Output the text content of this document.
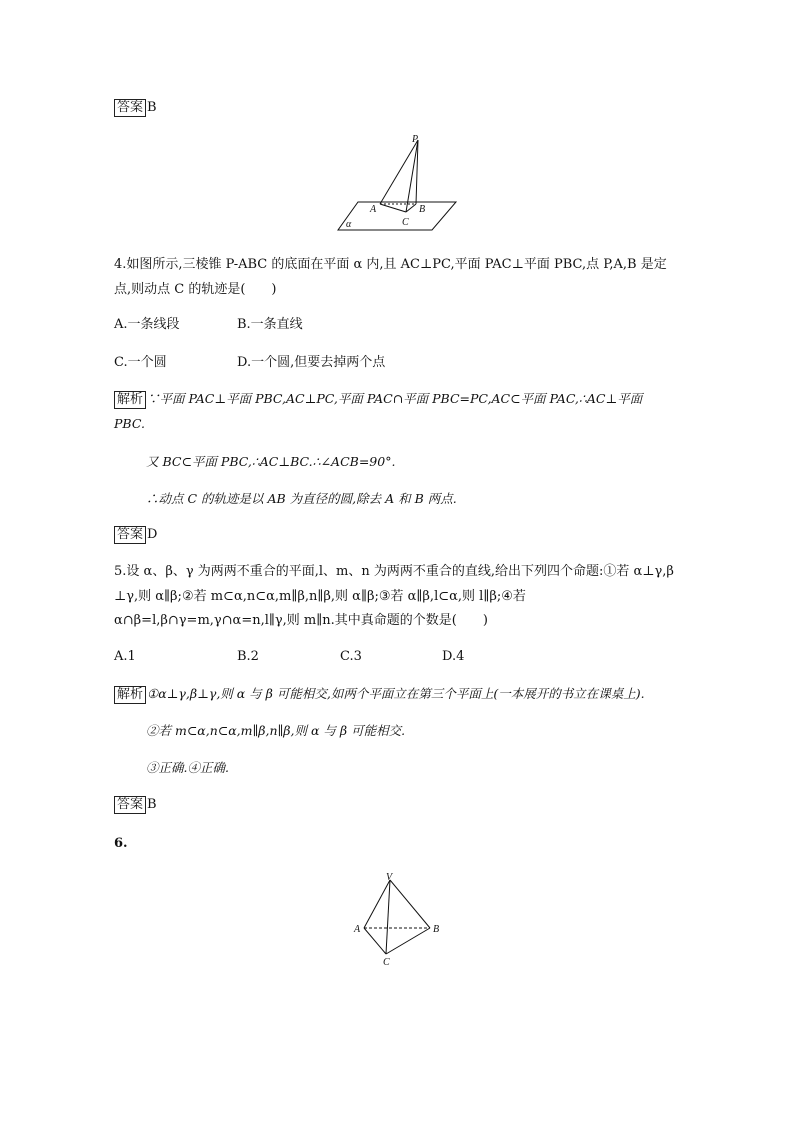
答案 B
P
A	B
C
α
4.如图所示,三棱锥 P-ABC 的底面在平面 α 内,且 AC⊥PC,平面 PAC⊥平面 PBC,点 P,A,B 是定
点,则动点 C 的轨迹是(　　)
A.一条线段	B.一条直线
C.一个圆	D.一个圆,但要去掉两个点
解析 ∵平面 PAC⊥平面 PBC,AC⊥PC,平面 PAC∩平面 PBC=PC,AC⊂平面 PAC,∴AC⊥平面
PBC.
又 BC⊂平面 PBC,∴AC⊥BC.∴∠ACB=90°.
∴动点 C 的轨迹是以 AB 为直径的圆,除去 A 和 B 两点.
答案 D
5.设 α、β、γ 为两两不重合的平面,l、m、n 为两两不重合的直线,给出下列四个命题:①若 α⊥γ,β
⊥γ,则 α∥β;②若 m⊂α,n⊂α,m∥β,n∥β,则 α∥β;③若 α∥β,l⊂α,则 l∥β;④若
α∩β=l,β∩γ=m,γ∩α=n,l∥γ,则 m∥n.其中真命题的个数是(　　)
A.1	B.2	C.3	D.4
解析 ①α⊥γ,β⊥γ,则 α 与 β 可能相交,如两个平面立在第三个平面上(一本展开的书立在课桌上).
②若 m⊂α,n⊂α,m∥β,n∥β,则 α 与 β 可能相交.
③正确.④正确.
答案 B
6.
V
A	B
C
